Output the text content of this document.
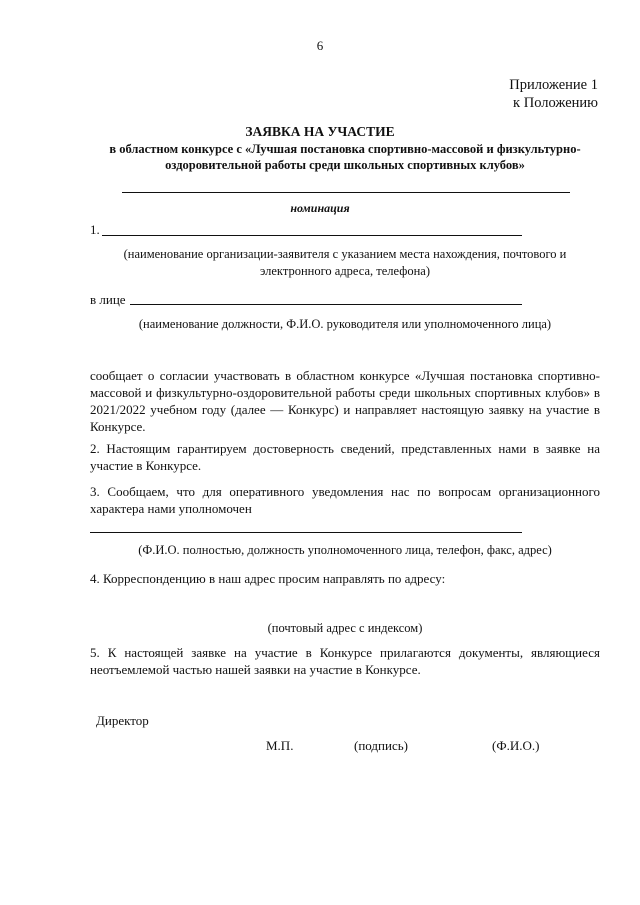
6
Приложение 1
к Положению
ЗАЯВКА НА УЧАСТИЕ
в областном конкурсе с «Лучшая постановка спортивно-массовой и физкультурно-оздоровительной работы среди школьных спортивных клубов»
номинация
1.
(наименование организации-заявителя с указанием места нахождения, почтового и электронного адреса, телефона)
в лице
(наименование должности, Ф.И.О. руководителя или уполномоченного лица)
сообщает о согласии участвовать в областном конкурсе «Лучшая постановка спортивно-массовой и физкультурно-оздоровительной работы среди школьных спортивных клубов» в 2021/2022 учебном году (далее — Конкурс) и направляет настоящую заявку на участие в Конкурсе.
2. Настоящим гарантируем достоверность сведений, представленных нами в заявке на участие в Конкурсе.
3. Сообщаем, что для оперативного уведомления нас по вопросам организационного характера нами уполномочен
(Ф.И.О. полностью, должность уполномоченного лица, телефон, факс, адрес)
4. Корреспонденцию в наш адрес просим направлять по адресу:
(почтовый адрес с индексом)
5. К настоящей заявке на участие в Конкурсе прилагаются документы, являющиеся неотъемлемой частью нашей заявки на участие в Конкурсе.
Директор
М.П.	(подпись)	(Ф.И.О.)
